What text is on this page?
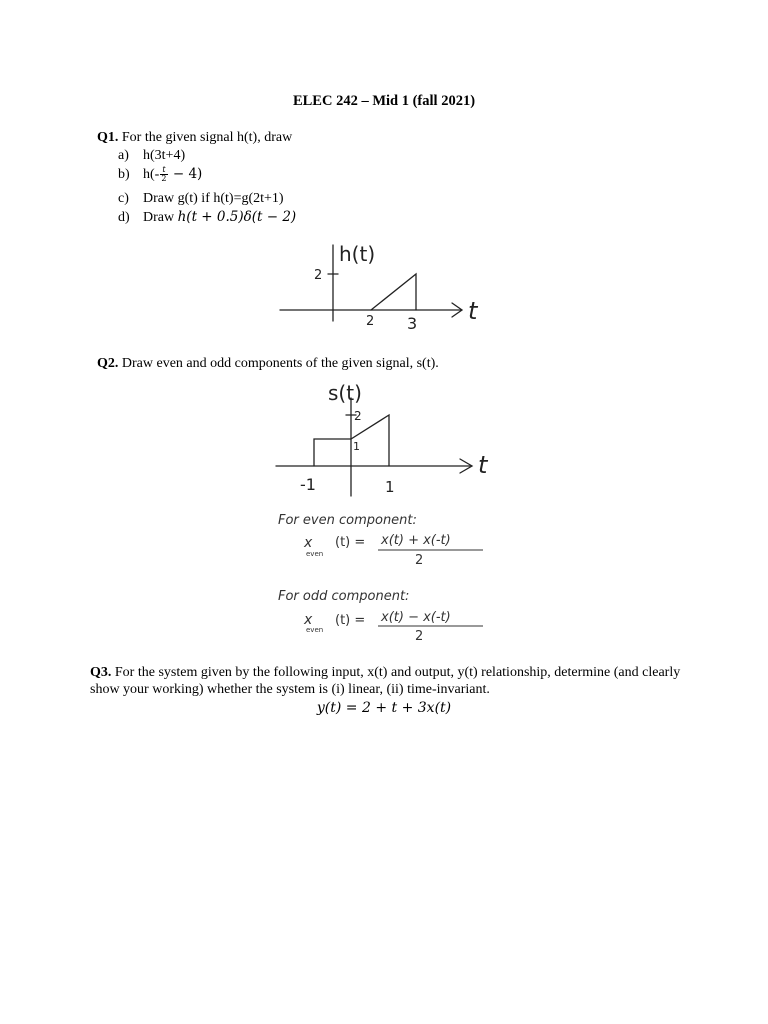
ELEC 242 – Mid 1 (fall 2021)
Q1. For the given signal h(t), draw
a) h(3t+4)
b) $h(- \frac{t}{2} - 4)$
c) Draw g(t) if h(t)=g(2t+1)
d) Draw h(t + 0.5)δ(t − 2)
h(t)
2
2 3 t
Q2. Draw even and odd components of the given signal, s(t).
s(t)
2
1
-1	1
t
For even component:
x
even
(t) = x(t) + x(-t)
2
For odd component:
x
even
(t) = x(t) − x(-t)
2
Q3. For the system given by the following input, x(t) and output, y(t) relationship, determine (and clearly show your working) whether the system is (i) linear, (ii) time-invariant.
y(t) = 2 + t + 3x(t)
